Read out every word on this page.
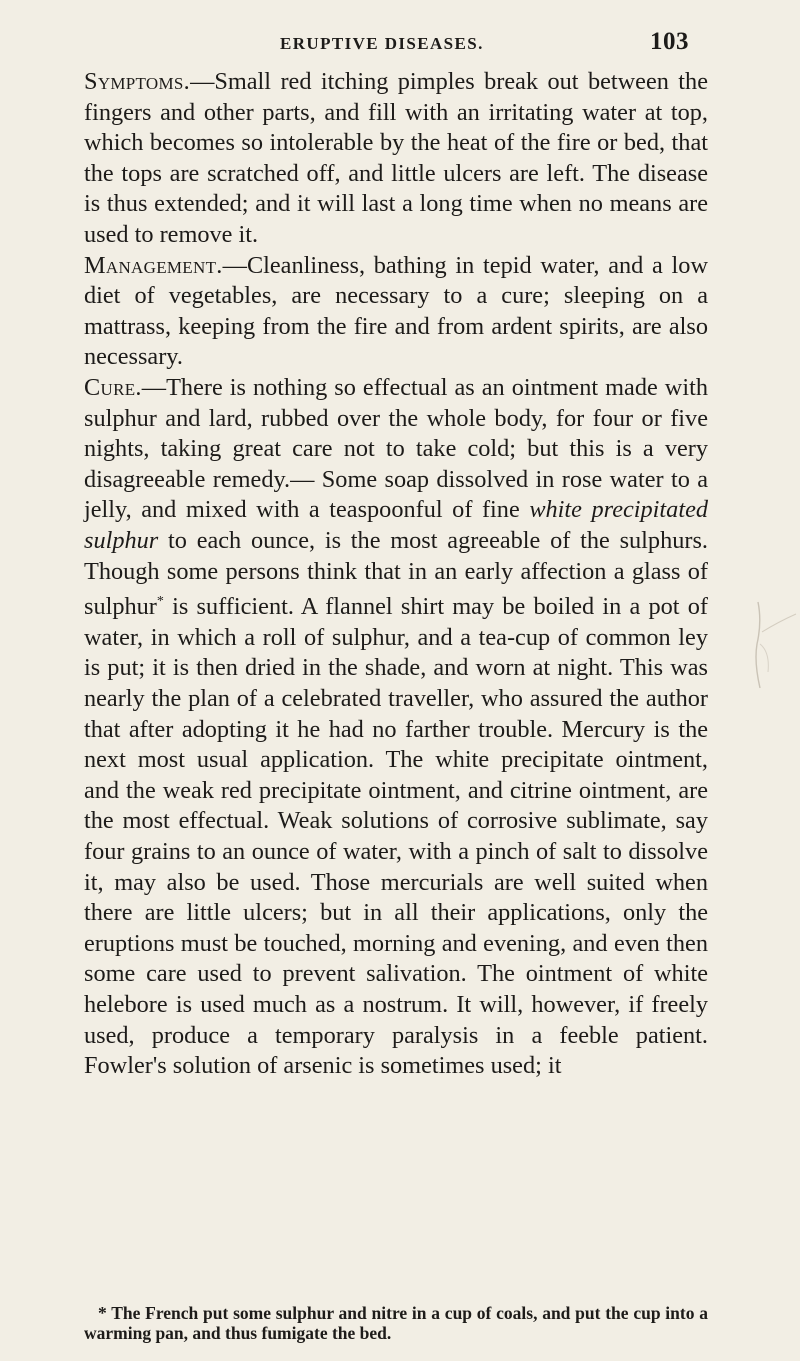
ERUPTIVE DISEASES.	103

Symptoms.—Small red itching pimples break out between the fingers and other parts, and fill with an irritating water at top, which becomes so intolerable by the heat of the fire or bed, that the tops are scratched off, and little ulcers are left. The disease is thus extended; and it will last a long time when no means are used to remove it.

Management.—Cleanliness, bathing in tepid water, and a low diet of vegetables, are necessary to a cure; sleeping on a mattrass, keeping from the fire and from ardent spirits, are also necessary.

Cure.—There is nothing so effectual as an ointment made with sulphur and lard, rubbed over the whole body, for four or five nights, taking great care not to take cold; but this is a very disagreeable remedy.— Some soap dissolved in rose water to a jelly, and mixed with a teaspoonful of fine white precipitated sulphur to each ounce, is the most agreeable of the sulphurs. Though some persons think that in an early affection a glass of sulphur* is sufficient. A flannel shirt may be boiled in a pot of water, in which a roll of sulphur, and a tea-cup of common ley is put; it is then dried in the shade, and worn at night. This was nearly the plan of a celebrated traveller, who assured the author that after adopting it he had no farther trouble. Mercury is the next most usual application. The white precipitate ointment, and the weak red precipitate ointment, and citrine ointment, are the most effectual. Weak solutions of corrosive sublimate, say four grains to an ounce of water, with a pinch of salt to dissolve it, may also be used. Those mercurials are well suited when there are little ulcers; but in all their applications, only the eruptions must be touched, morning and evening, and even then some care used to prevent salivation. The ointment of white helebore is used much as a nostrum. It will, however, if freely used, produce a temporary paralysis in a feeble patient. Fowler's solution of arsenic is sometimes used; it

* The French put some sulphur and nitre in a cup of coals, and put the cup into a warming pan, and thus fumigate the bed.
